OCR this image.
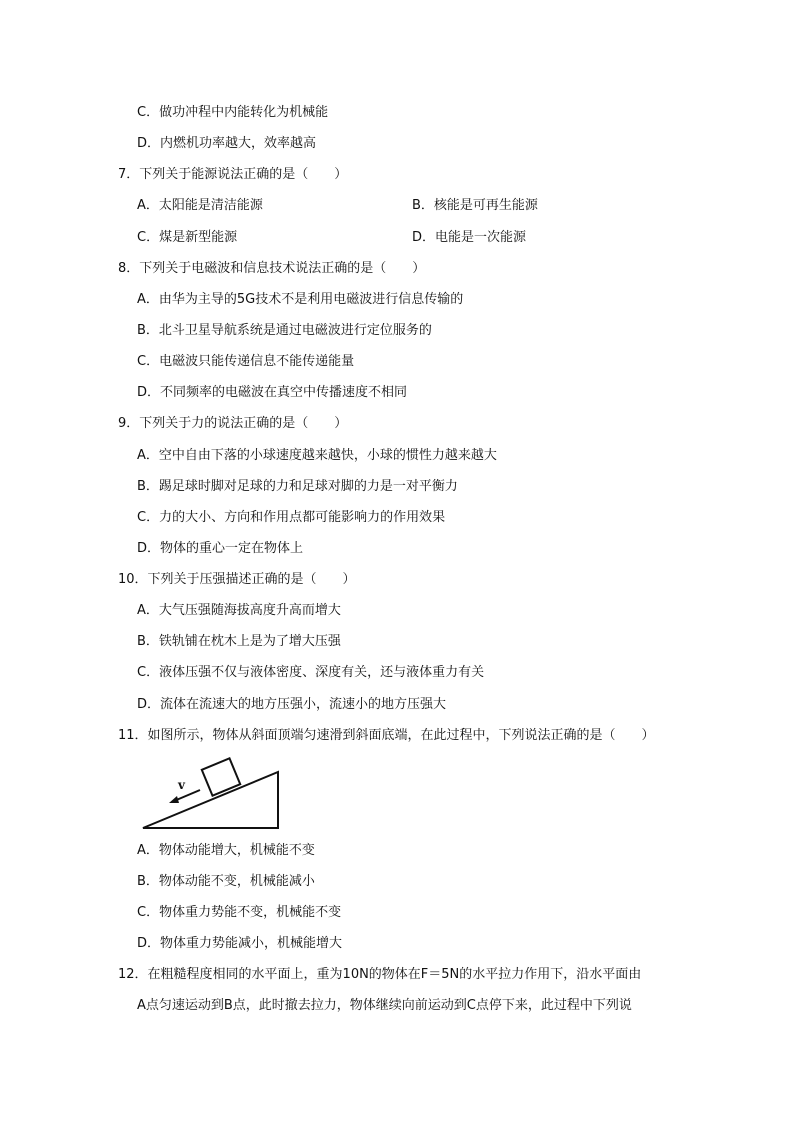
C．做功冲程中内能转化为机械能
D．内燃机功率越大，效率越高
7．下列关于能源说法正确的是（　　）
A．太阳能是清洁能源	B．核能是可再生能源
C．煤是新型能源	D．电能是一次能源
8．下列关于电磁波和信息技术说法正确的是（　　）
A．由华为主导的5G技术不是利用电磁波进行信息传输的
B．北斗卫星导航系统是通过电磁波进行定位服务的
C．电磁波只能传递信息不能传递能量
D．不同频率的电磁波在真空中传播速度不相同
9．下列关于力的说法正确的是（　　）
A．空中自由下落的小球速度越来越快，小球的惯性力越来越大
B．踢足球时脚对足球的力和足球对脚的力是一对平衡力
C．力的大小、方向和作用点都可能影响力的作用效果
D．物体的重心一定在物体上
10．下列关于压强描述正确的是（　　）
A．大气压强随海拔高度升高而增大
B．铁轨铺在枕木上是为了增大压强
C．液体压强不仅与液体密度、深度有关，还与液体重力有关
D．流体在流速大的地方压强小，流速小的地方压强大
11．如图所示，物体从斜面顶端匀速滑到斜面底端，在此过程中，下列说法正确的是（　　）
v
A．物体动能增大，机械能不变
B．物体动能不变，机械能减小
C．物体重力势能不变，机械能不变
D．物体重力势能减小，机械能增大
12．在粗糙程度相同的水平面上，重为10N的物体在F＝5N的水平拉力作用下，沿水平面由
A点匀速运动到B点，此时撤去拉力，物体继续向前运动到C点停下来，此过程中下列说
